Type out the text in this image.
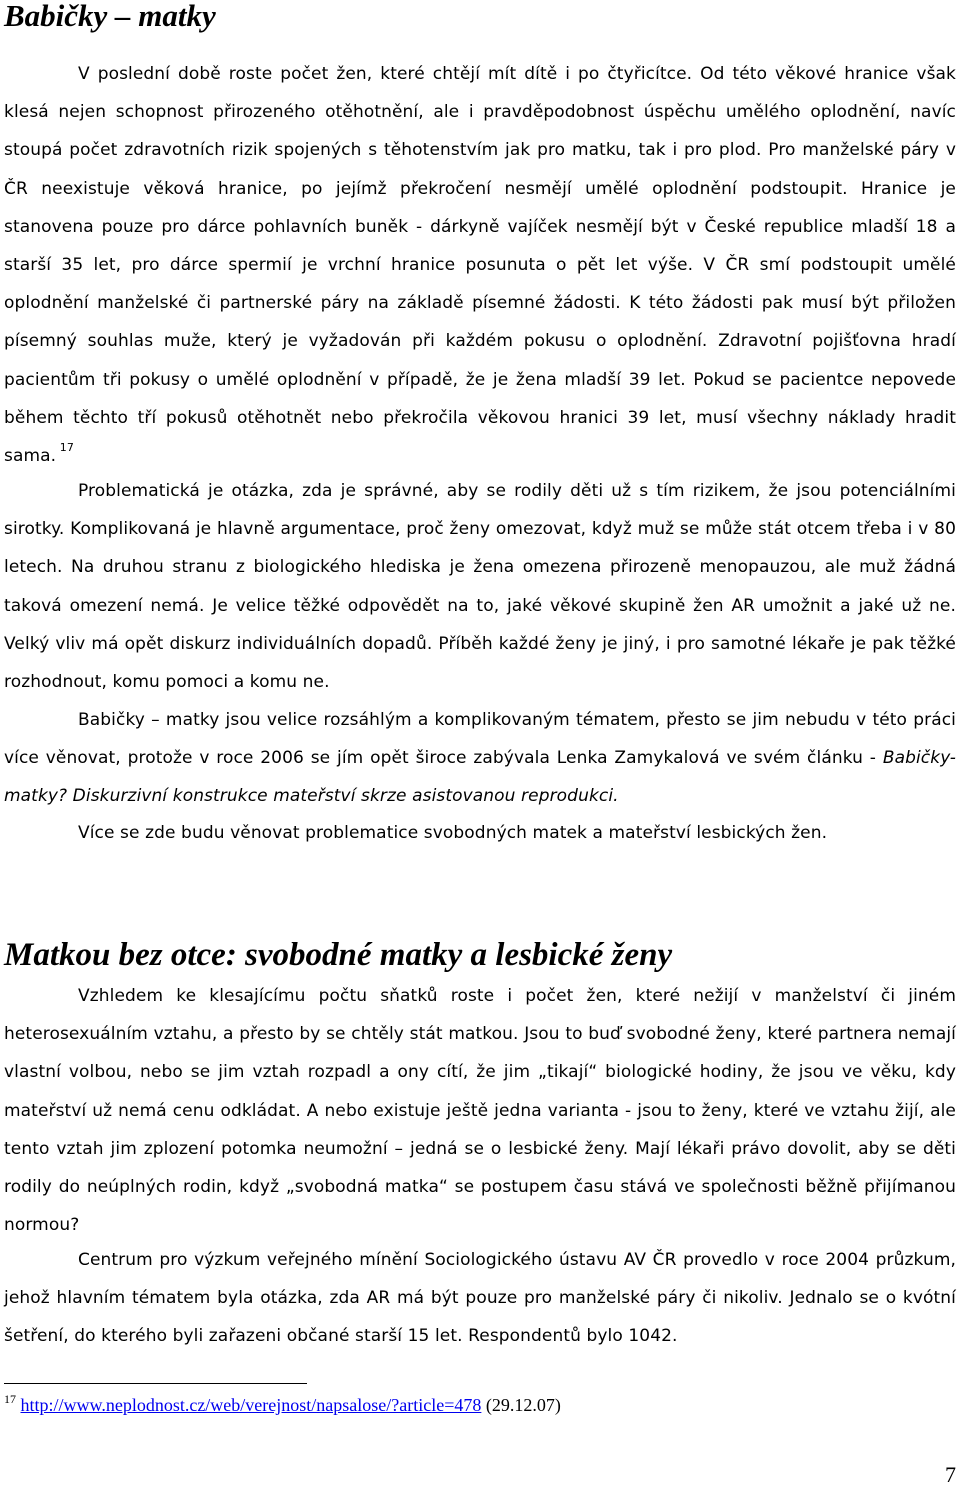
Babičky – matky

V poslední době roste počet žen, které chtějí mít dítě i po čtyřicítce. Od této věkové hranice však klesá nejen schopnost přirozeného otěhotnění, ale i pravděpodobnost úspěchu umělého oplodnění, navíc stoupá počet zdravotních rizik spojených s těhotenstvím jak pro matku, tak i pro plod. Pro manželské páry v ČR neexistuje věková hranice, po jejímž překročení nesmějí umělé oplodnění podstoupit. Hranice je stanovena pouze pro dárce pohlavních buněk - dárkyně vajíček nesmějí být v České republice mladší 18 a starší 35 let, pro dárce spermií je vrchní hranice posunuta o pět let výše. V ČR smí podstoupit umělé oplodnění manželské či partnerské páry na základě písemné žádosti. K této žádosti pak musí být přiložen písemný souhlas muže, který je vyžadován při každém pokusu o oplodnění. Zdravotní pojišťovna hradí pacientům tři pokusy o umělé oplodnění v případě, že je žena mladší 39 let. Pokud se pacientce nepovede během těchto tří pokusů otěhotnět nebo překročila věkovou hranici 39 let, musí všechny náklady hradit sama. $^{17}$

Problematická je otázka, zda je správné, aby se rodily děti už s tím rizikem, že jsou potenciálními sirotky. Komplikovaná je hlavně argumentace, proč ženy omezovat, když muž se může stát otcem třeba i v 80 letech. Na druhou stranu z biologického hlediska je žena omezena přirozeně menopauzou, ale muž žádná taková omezení nemá. Je velice těžké odpovědět na to, jaké věkové skupině žen AR umožnit a jaké už ne. Velký vliv má opět diskurz individuálních dopadů. Příběh každé ženy je jiný, i pro samotné lékaře je pak těžké rozhodnout, komu pomoci a komu ne.

Babičky – matky jsou velice rozsáhlým a komplikovaným tématem, přesto se jim nebudu v této práci více věnovat, protože v roce 2006 se jím opět široce zabývala Lenka Zamykalová ve svém článku - Babičky-matky? Diskurzivní konstrukce mateřství skrze asistovanou reprodukci.

Více se zde budu věnovat problematice svobodných matek a mateřství lesbických žen.

Matkou bez otce: svobodné matky a lesbické ženy

Vzhledem ke klesajícímu počtu sňatků roste i počet žen, které nežijí v manželství či jiném heterosexuálním vztahu, a přesto by se chtěly stát matkou. Jsou to buď svobodné ženy, které partnera nemají vlastní volbou, nebo se jim vztah rozpadl a ony cítí, že jim „tikají“ biologické hodiny, že jsou ve věku, kdy mateřství už nemá cenu odkládat. A nebo existuje ještě jedna varianta - jsou to ženy, které ve vztahu žijí, ale tento vztah jim zplození potomka neumožní – jedná se o lesbické ženy. Mají lékaři právo dovolit, aby se děti rodily do neúplných rodin, když „svobodná matka“ se postupem času stává ve společnosti běžně přijímanou normou?

Centrum pro výzkum veřejného mínění Sociologického ústavu AV ČR provedlo v roce 2004 průzkum, jehož hlavním tématem byla otázka, zda AR má být pouze pro manželské páry či nikoliv. Jednalo se o kvótní šetření, do kterého byli zařazeni občané starší 15 let. Respondentů bylo 1042.

$^{17}$ http://www.neplodnost.cz/web/verejnost/napsalose/?article=478 (29.12.07)
7
